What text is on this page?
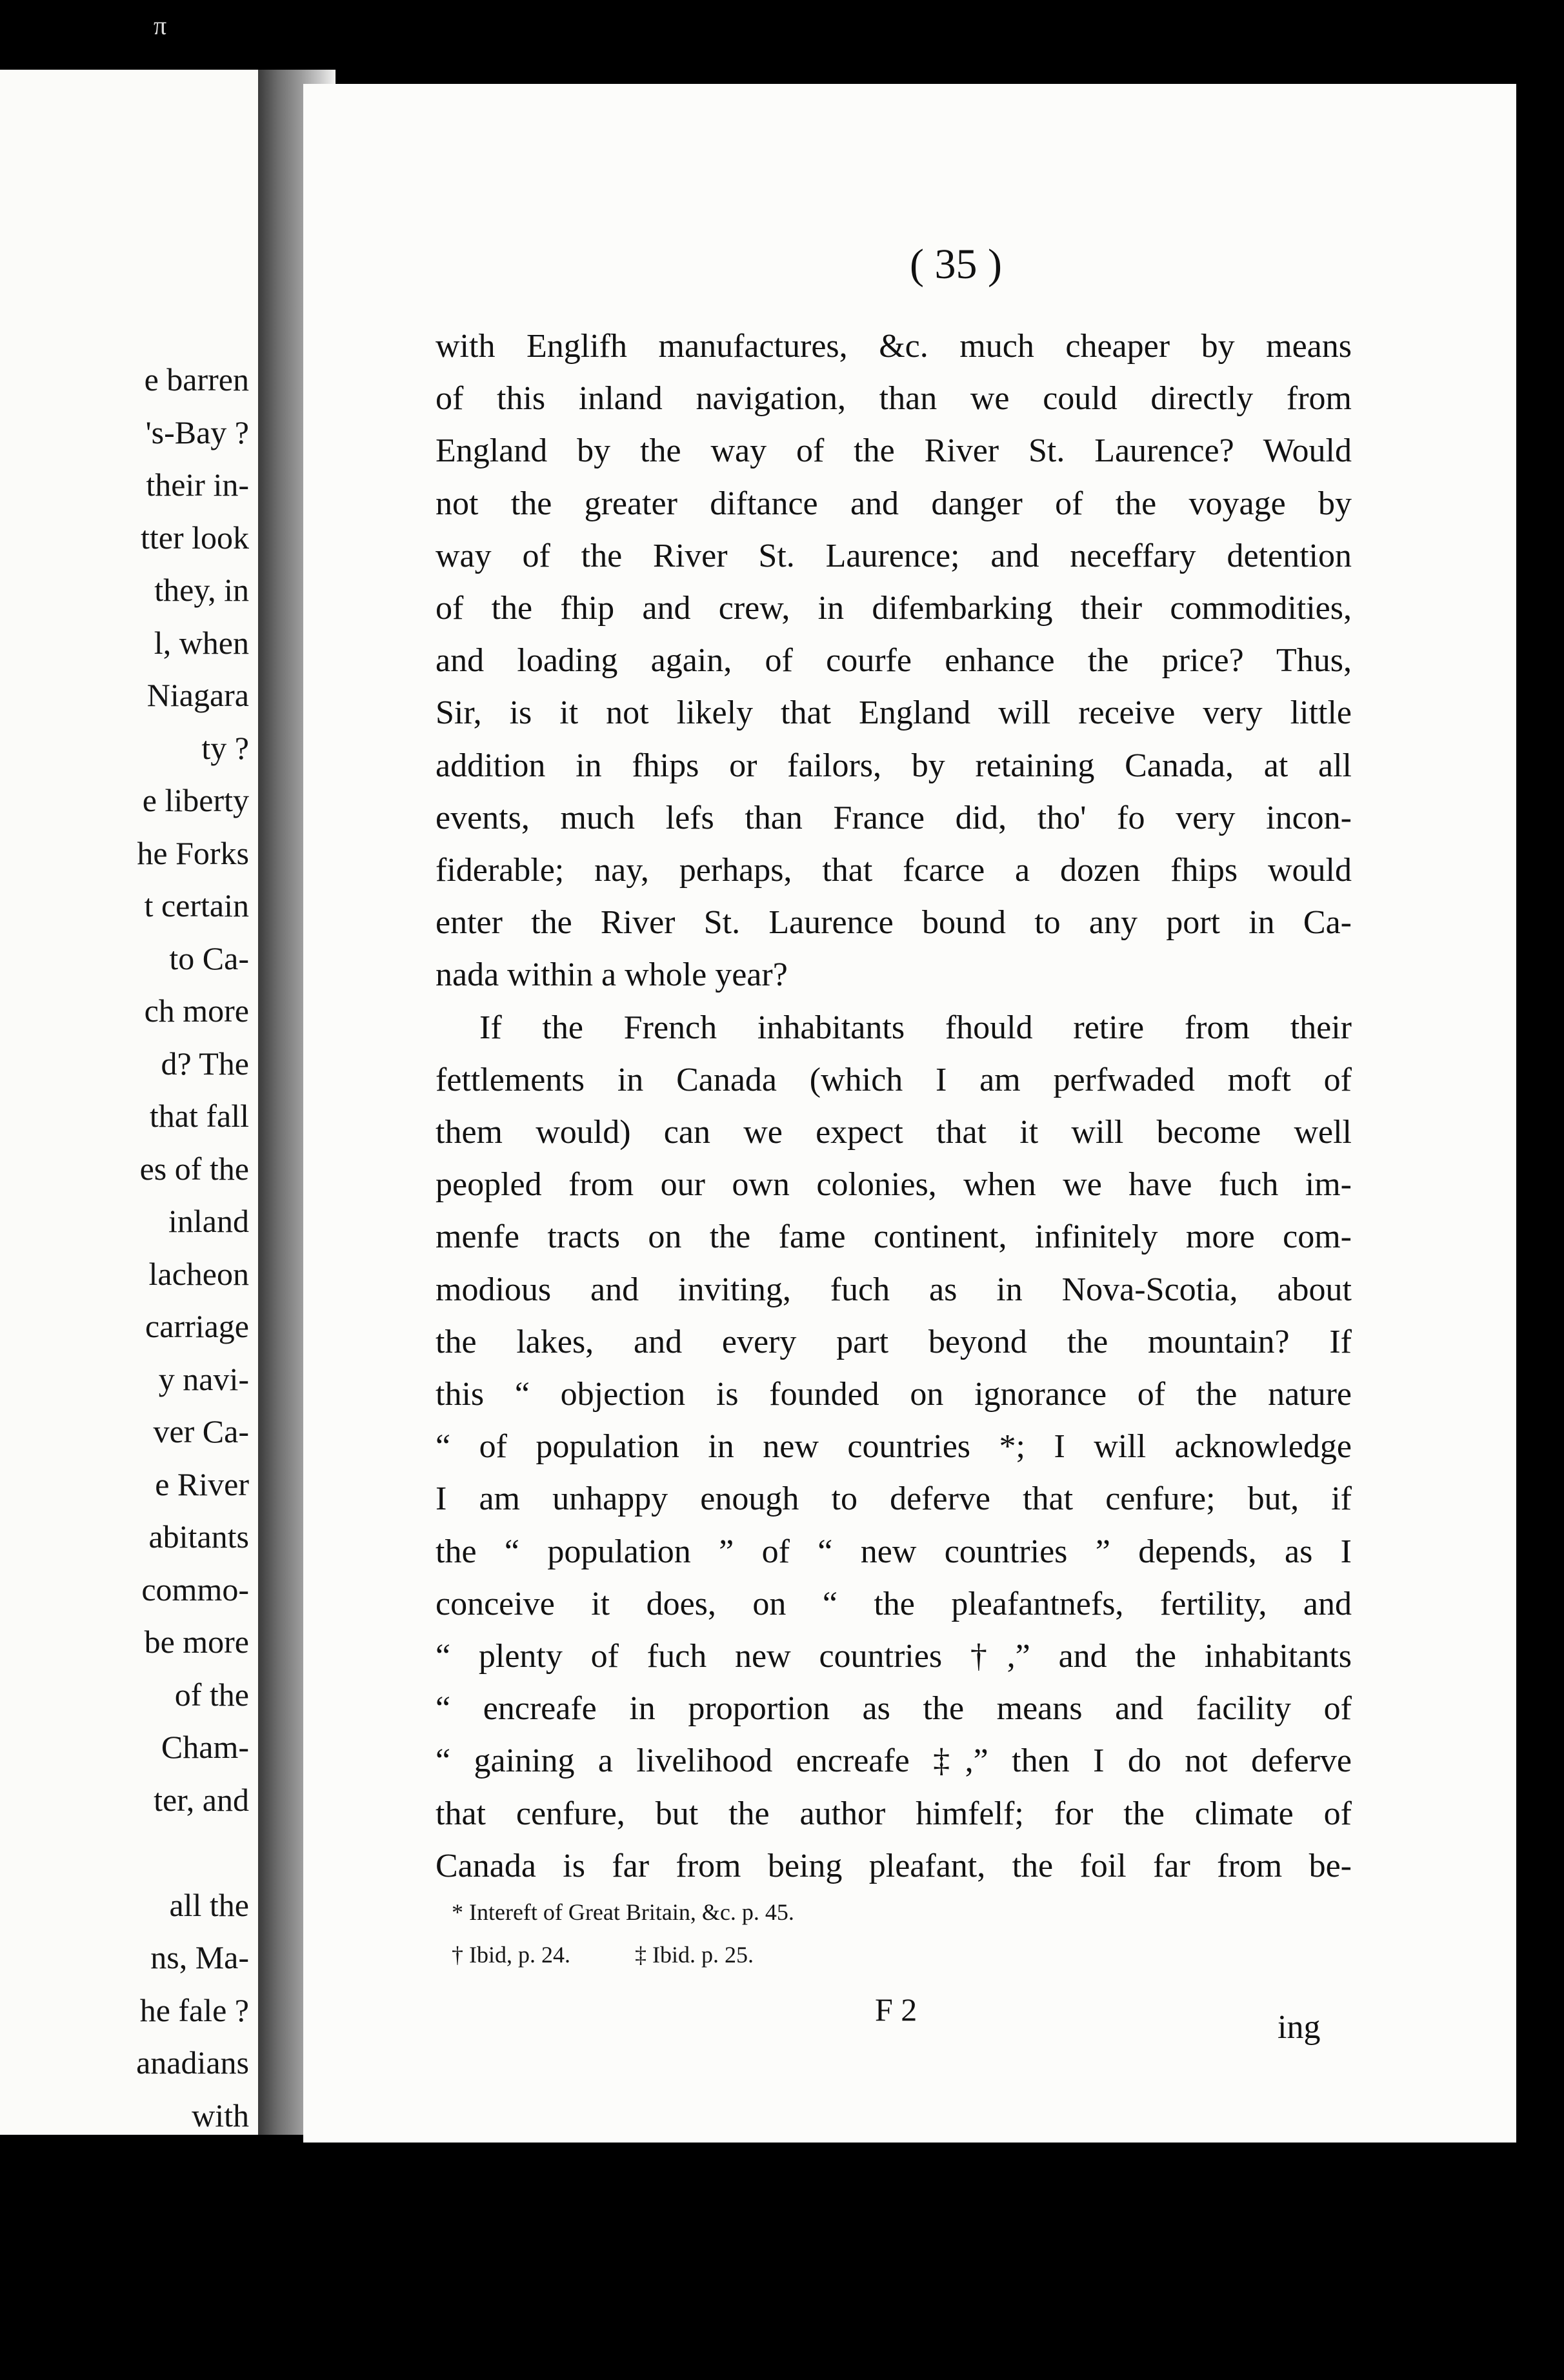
π
e barren
's-Bay ?
their in-
tter look
they, in
l, when
Niagara
ty ?
e liberty
he Forks
t certain
to Ca-
ch more
d? The
that fall
es of the
inland
lacheon
carriage
y navi-
ver Ca-
e River
abitants
commo-
be more
of the
Cham-
ter, and
all the
ns, Ma-
he fale ?
anadians
with
( 35 )
with Englifh manufactures, &c. much cheaper by means
of this inland navigation, than we could directly from
England by the way of the River St. Laurence? Would
not the greater diftance and danger of the voyage by
way of the River St. Laurence; and neceffary detention
of the fhip and crew, in difembarking their commodities,
and loading again, of courfe enhance the price? Thus,
Sir, is it not likely that England will receive very little
addition in fhips or failors, by retaining Canada, at all
events, much lefs than France did, tho' fo very incon-
fiderable; nay, perhaps, that fcarce a dozen fhips would
enter the River St. Laurence bound to any port in Ca-
nada within a whole year?
If the French inhabitants fhould retire from their
fettlements in Canada (which I am perfwaded moft of
them would) can we expect that it will become well
peopled from our own colonies, when we have fuch im-
menfe tracts on the fame continent, infinitely more com-
modious and inviting, fuch as in Nova-Scotia, about
the lakes, and every part beyond the mountain? If
this “ objection is founded on ignorance of the nature
“ of population in new countries *; I will acknowledge
I am unhappy enough to deferve that cenfure; but, if
the “ population ” of “ new countries ” depends, as I
conceive it does, on “ the pleafantnefs, fertility, and
“ plenty of fuch new countries †,” and the inhabitants
“ encreafe in proportion as the means and facility of
“ gaining a livelihood encreafe ‡,” then I do not deferve
that cenfure, but the author himfelf; for the climate of
Canada is far from being pleafant, the foil far from be-
* Intereft of Great Britain, &c. p. 45.
† Ibid, p. 24.	‡ Ibid. p. 25.
F 2	ing
